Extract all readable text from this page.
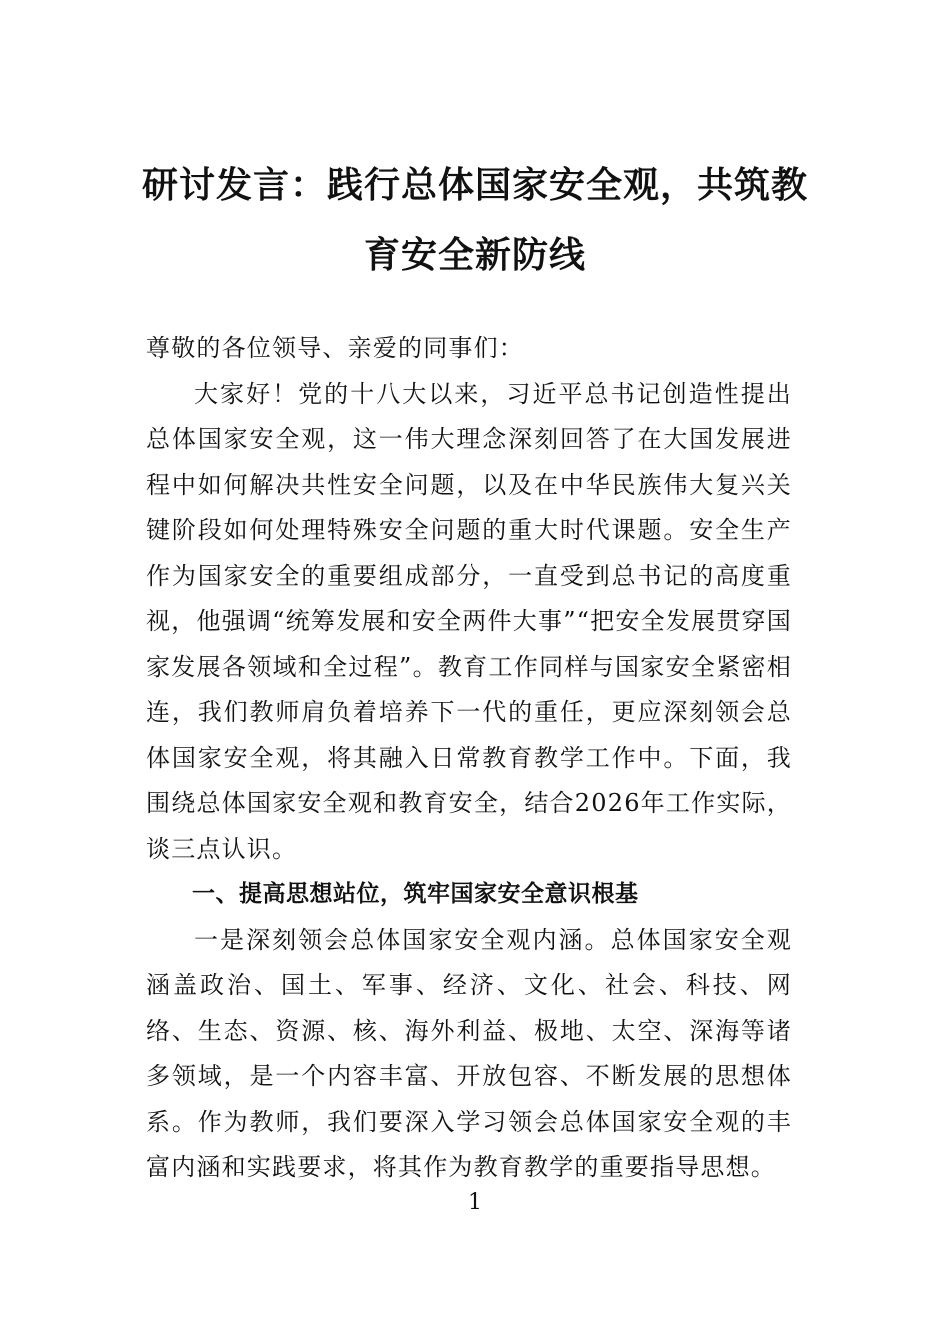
研讨发言：践行总体国家安全观，共筑教育安全新防线

尊敬的各位领导、亲爱的同事们：

大家好！党的十八大以来，习近平总书记创造性提出总体国家安全观，这一伟大理念深刻回答了在大国发展进程中如何解决共性安全问题，以及在中华民族伟大复兴关键阶段如何处理特殊安全问题的重大时代课题。安全生产作为国家安全的重要组成部分，一直受到总书记的高度重视，他强调“统筹发展和安全两件大事”“把安全发展贯穿国家发展各领域和全过程”。教育工作同样与国家安全紧密相连，我们教师肩负着培养下一代的重任，更应深刻领会总体国家安全观，将其融入日常教育教学工作中。下面，我围绕总体国家安全观和教育安全，结合2026年工作实际，谈三点认识。

一、提高思想站位，筑牢国家安全意识根基

一是深刻领会总体国家安全观内涵。总体国家安全观涵盖政治、国土、军事、经济、文化、社会、科技、网络、生态、资源、核、海外利益、极地、太空、深海等诸多领域，是一个内容丰富、开放包容、不断发展的思想体系。作为教师，我们要深入学习领会总体国家安全观的丰富内涵和实践要求，将其作为教育教学的重要指导思想。

1
